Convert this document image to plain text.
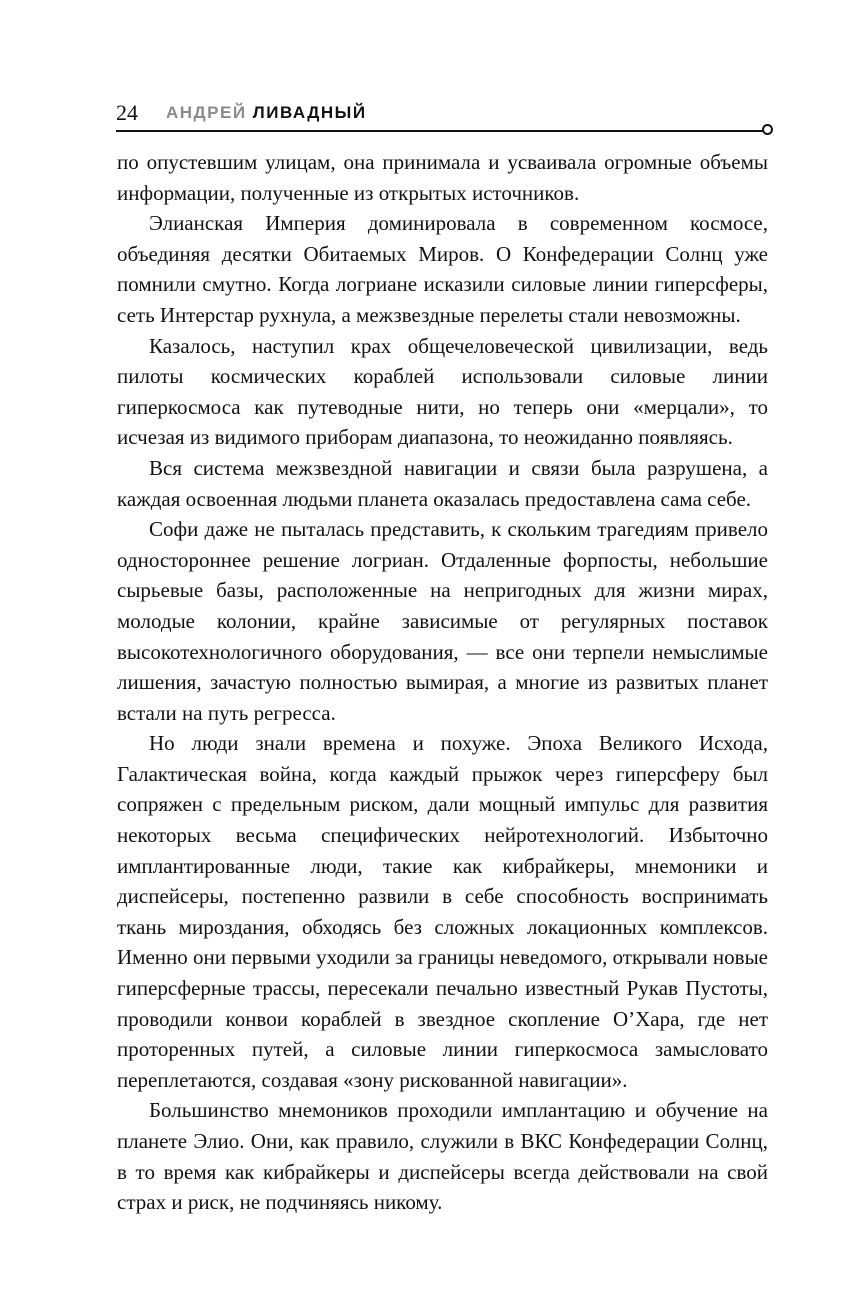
24 АНДРЕЙ ЛИВАДНЫЙ

по опустевшим улицам, она принимала и усваивала огромные объемы информации, полученные из открытых источников.

Элианская Империя доминировала в современном космосе, объединяя десятки Обитаемых Миров. О Конфедерации Солнц уже помнили смутно. Когда логриане исказили силовые линии гиперсферы, сеть Интерстар рухнула, а межзвездные перелеты стали невозможны.

Казалось, наступил крах общечеловеческой цивилизации, ведь пилоты космических кораблей использовали силовые линии гиперкосмоса как путеводные нити, но теперь они «мерцали», то исчезая из видимого приборам диапазона, то неожиданно появляясь.

Вся система межзвездной навигации и связи была разрушена, а каждая освоенная людьми планета оказалась предоставлена сама себе.

Софи даже не пыталась представить, к скольким трагедиям привело одностороннее решение логриан. Отдаленные форпосты, небольшие сырьевые базы, расположенные на непригодных для жизни мирах, молодые колонии, крайне зависимые от регулярных поставок высокотехнологичного оборудования, — все они терпели немыслимые лишения, зачастую полностью вымирая, а многие из развитых планет встали на путь регресса.

Но люди знали времена и похуже. Эпоха Великого Исхода, Галактическая война, когда каждый прыжок через гиперсферу был сопряжен с предельным риском, дали мощный импульс для развития некоторых весьма специфических нейротехнологий. Избыточно имплантированные люди, такие как кибрайкеры, мнемоники и диспейсеры, постепенно развили в себе способность воспринимать ткань мироздания, обходясь без сложных локационных комплексов. Именно они первыми уходили за границы неведомого, открывали новые гиперсферные трассы, пересекали печально известный Рукав Пустоты, проводили конвои кораблей в звездное скопление О’Хара, где нет проторенных путей, а силовые линии гиперкосмоса замысловато переплетаются, создавая «зону рискованной навигации».

Большинство мнемоников проходили имплантацию и обучение на планете Элио. Они, как правило, служили в ВКС Конфедерации Солнц, в то время как кибрайкеры и диспейсеры всегда действовали на свой страх и риск, не подчиняясь никому.
